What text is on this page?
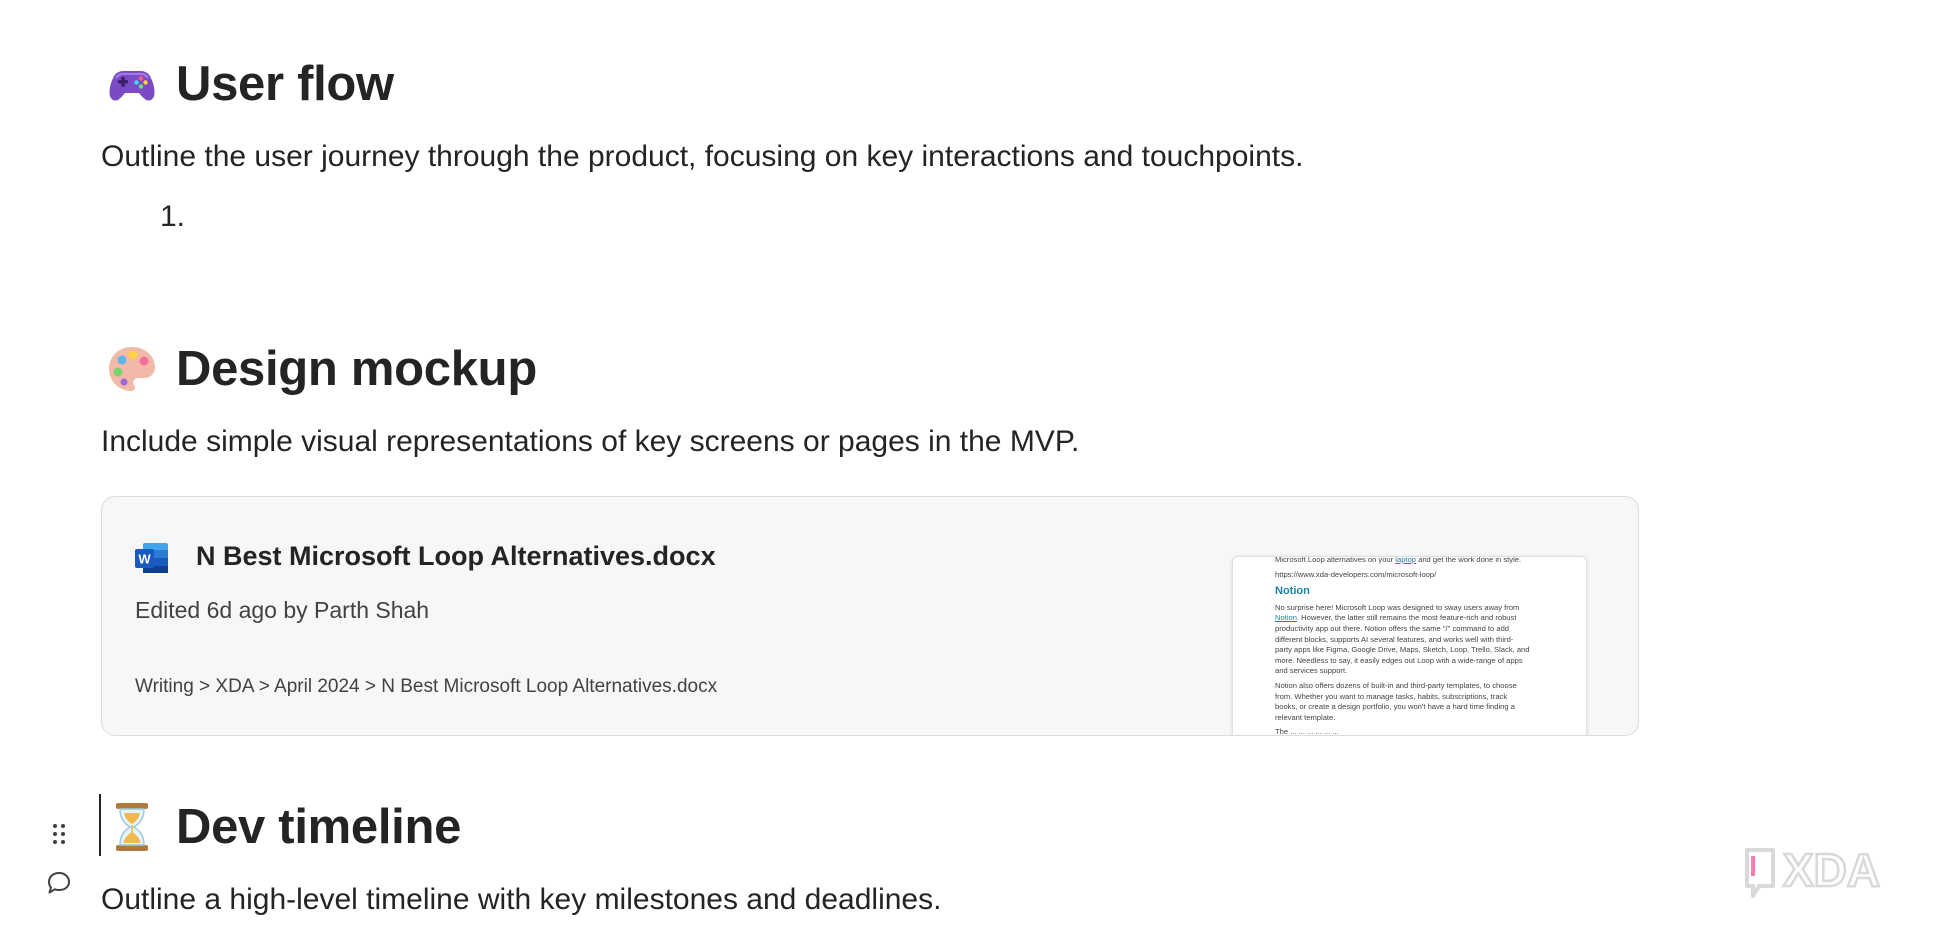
User flow
Outline the user journey through the product, focusing on key interactions and touchpoints.
1.
Design mockup
Include simple visual representations of key screens or pages in the MVP.
W N Best Microsoft Loop Alternatives.docx
Edited 6d ago by Parth Shah
Writing > XDA > April 2024 > N Best Microsoft Loop Alternatives.docx
Microsoft Loop alternatives on your laptop and get the work done in style.
https://www.xda-developers.com/microsoft-loop/
Notion
No surprise here! Microsoft Loop was designed to sway users away from
Notion. However, the latter still remains the most feature-rich and robust
productivity app out there. Notion offers the same "/" command to add
different blocks, supports AI several features, and works well with third-
party apps like Figma, Google Drive, Maps, Sketch, Loop, Trello, Slack, and
more. Needless to say, it easily edges out Loop with a wide-range of apps
and services support.
Notion also offers dozens of built-in and third-party templates, to choose
from. Whether you want to manage tasks, habits, subscriptions, track
books, or create a design portfolio, you won't have a hard time finding a
relevant template.
The ... ... ... ... ... ...
Dev timeline
Outline a high-level timeline with key milestones and deadlines.
XDA
